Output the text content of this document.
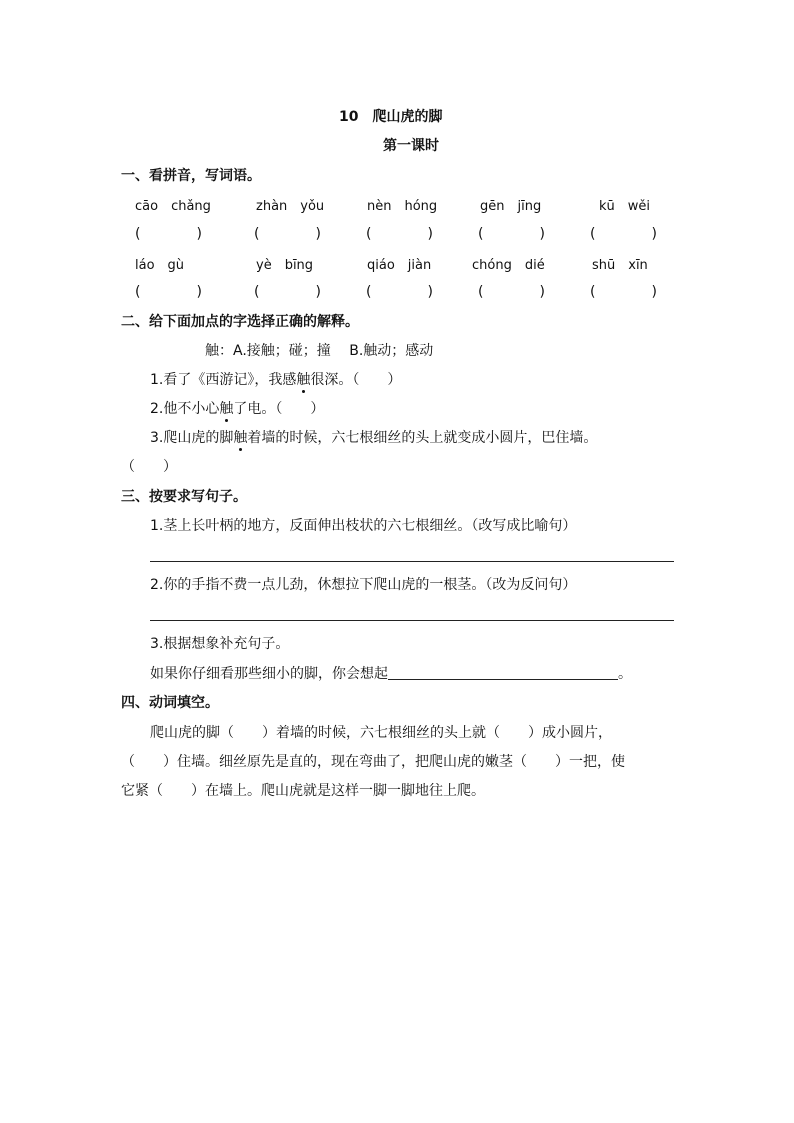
10　爬山虎的脚
第一课时
一、看拼音，写词语。
cāo　chǎng	zhàn　yǒu	nèn　hóng	gēn　jīng	kū　wěi
(　　　　)	(　　　　)	(　　　　)	(　　　　)	(　　　　)
láo　gù	yè　bīng	qiáo　jiàn	chóng　dié	shū　xīn
(　　　　)	(　　　　)	(　　　　)	(　　　　)	(　　　　)
二、给下面加点的字选择正确的解释。
触：A.接触；碰；撞　 B.触动；感动
1.看了《西游记》，我感触很深。（　　）
2.他不小心触了电。（　　）
3.爬山虎的脚触着墙的时候，六七根细丝的头上就变成小圆片，巴住墙。
（　　）
三、按要求写句子。
1.茎上长叶柄的地方，反面伸出枝状的六七根细丝。（改写成比喻句）
2.你的手指不费一点儿劲，休想拉下爬山虎的一根茎。（改为反问句）
3.根据想象补充句子。
如果你仔细看那些细小的脚，你会想起	。
四、动词填空。
爬山虎的脚（　　）着墙的时候，六七根细丝的头上就（　　）成小圆片，
（　　）住墙。细丝原先是直的，现在弯曲了，把爬山虎的嫩茎（　　）一把，使
它紧（　　）在墙上。爬山虎就是这样一脚一脚地往上爬。
